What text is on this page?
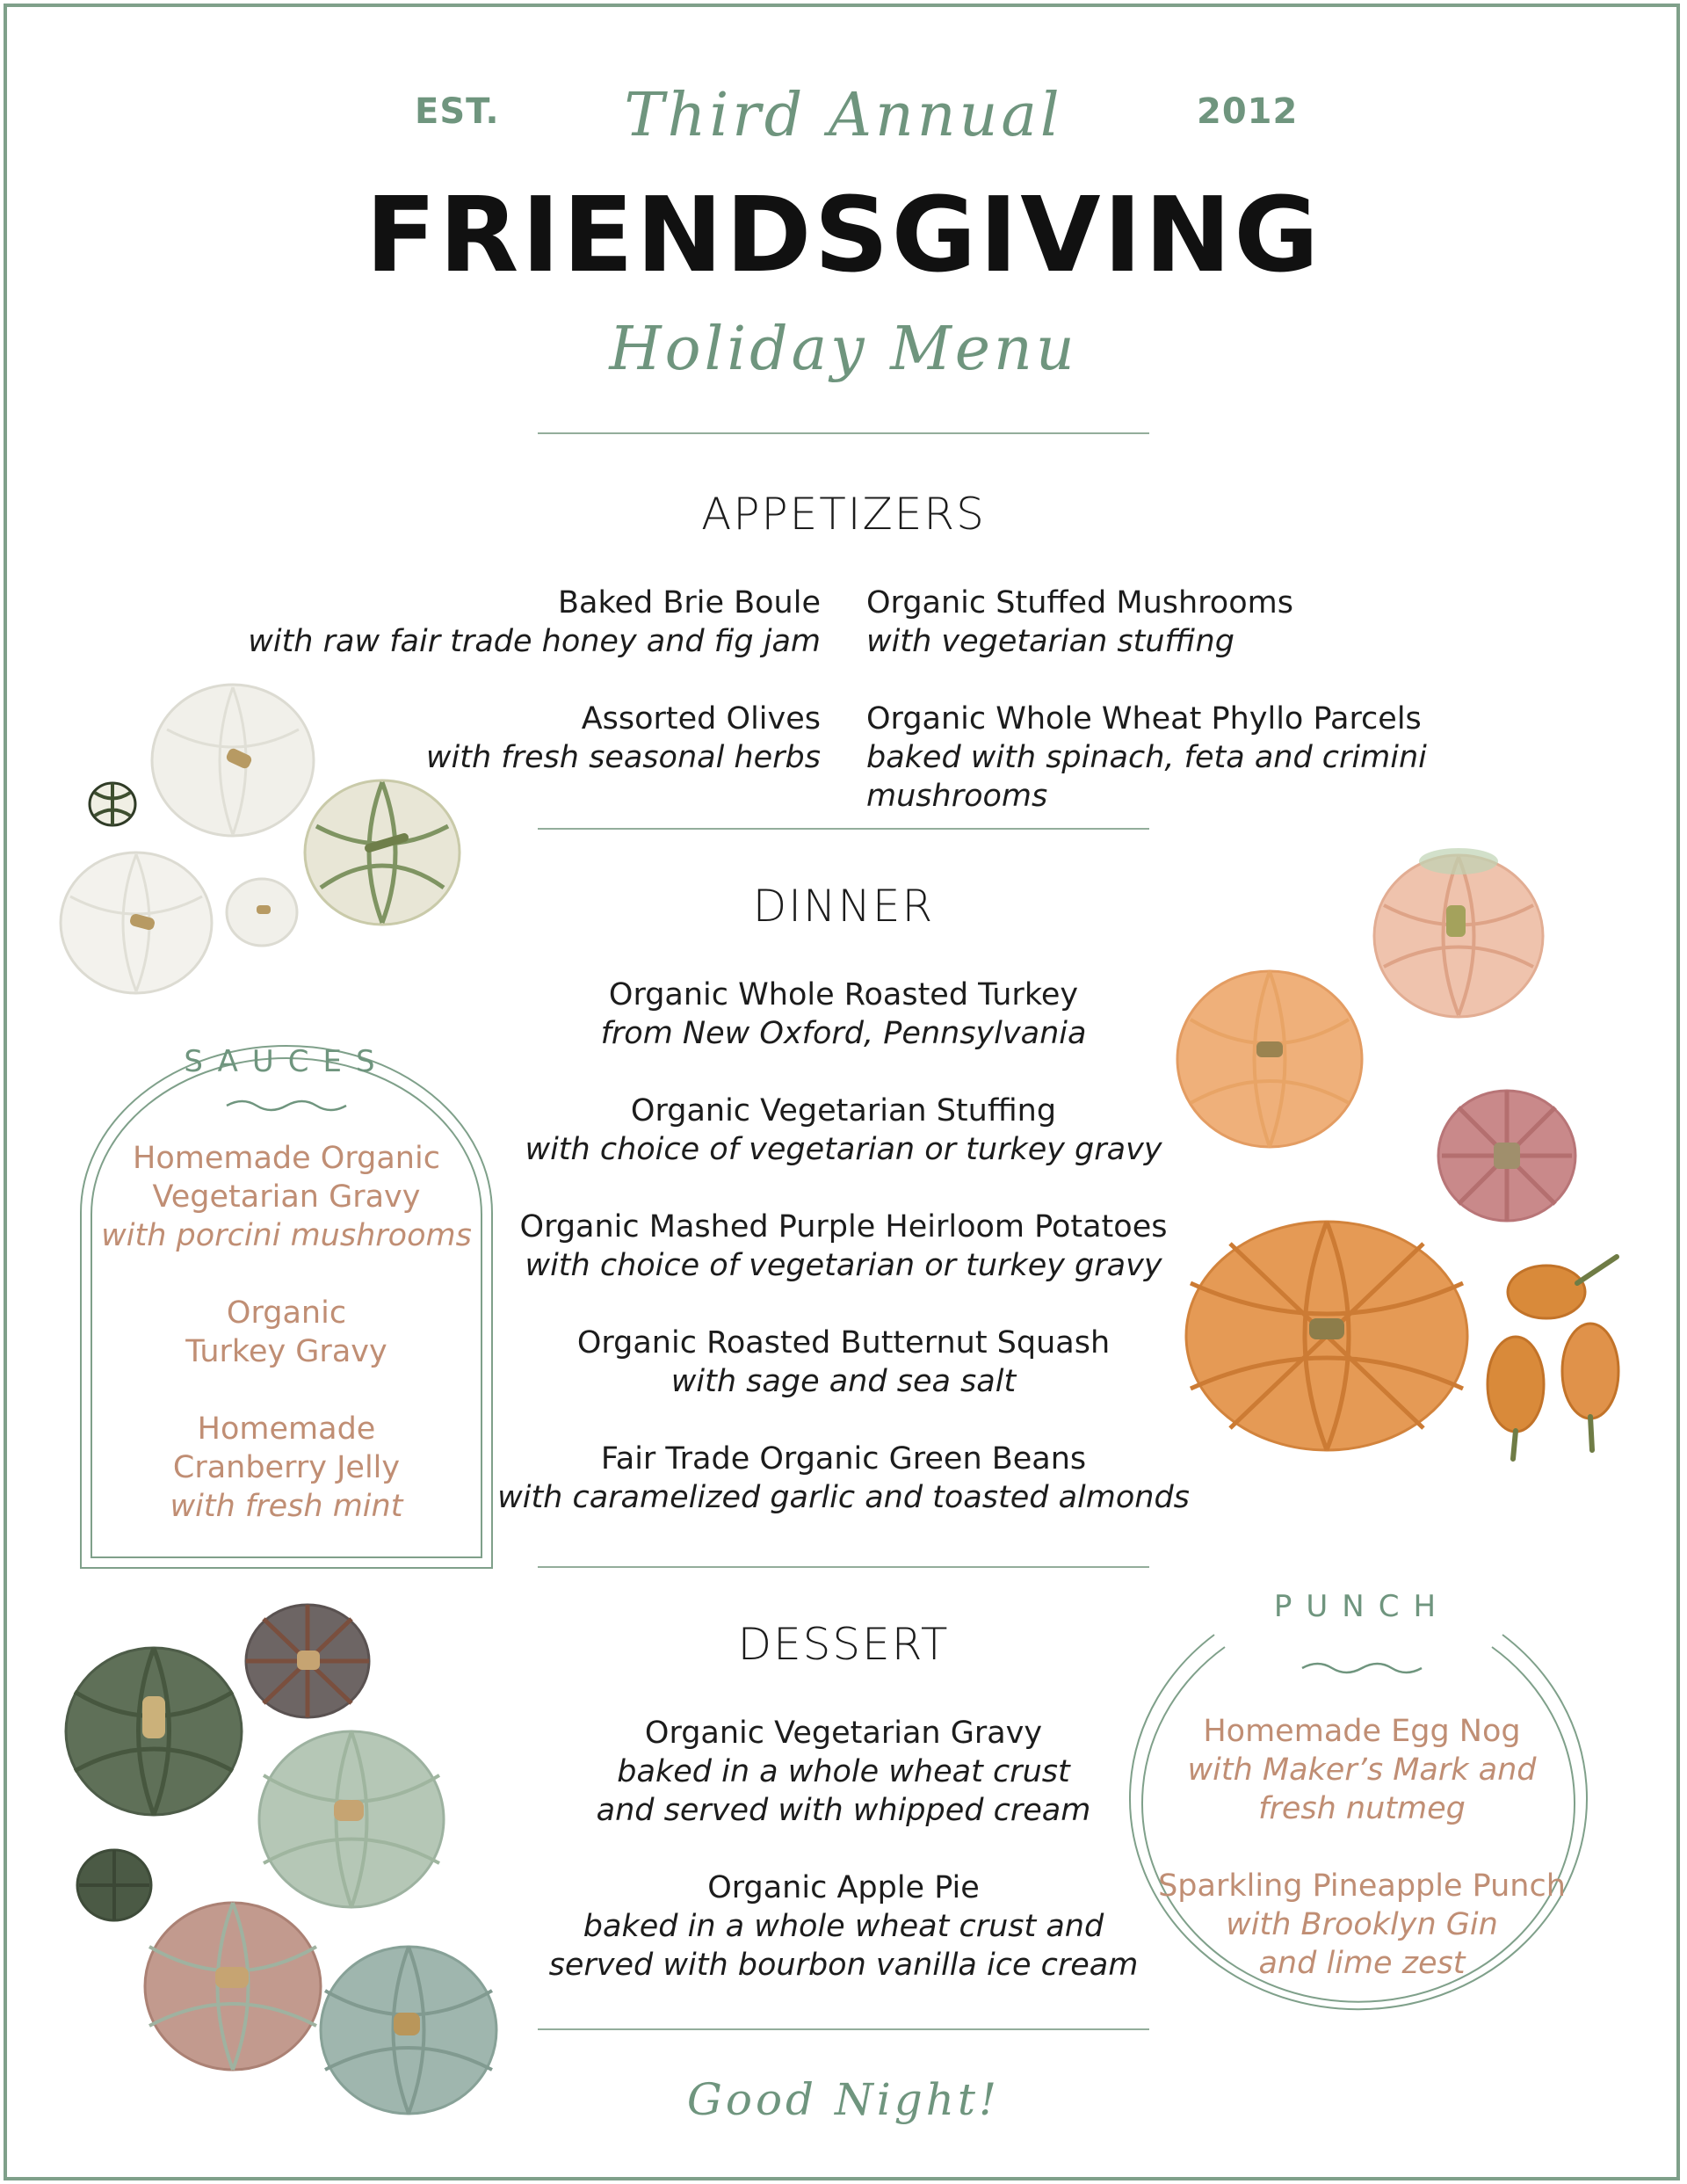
EST.	2012
Third Annual
FRIENDSGIVING
Holiday Menu
APPETIZERS
Baked Brie Boule
with raw fair trade honey and fig jam
Assorted Olives
with fresh seasonal herbs
Organic Stuffed Mushrooms
with vegetarian stuffing
Organic Whole Wheat Phyllo Parcels
baked with spinach, feta and crimini mushrooms
DINNER
Organic Whole Roasted Turkey
from New Oxford, Pennsylvania
Organic Vegetarian Stuffing
with choice of vegetarian or turkey gravy
Organic Mashed Purple Heirloom Potatoes
with choice of vegetarian or turkey gravy
Organic Roasted Butternut Squash
with sage and sea salt
Fair Trade Organic Green Beans
with caramelized garlic and toasted almonds
DESSERT
Organic Vegetarian Gravy
baked in a whole wheat crust
and served with whipped cream
Organic Apple Pie
baked in a whole wheat crust and
served with bourbon vanilla ice cream
Good Night!
SAUCES
Homemade Organic
Vegetarian Gravy
with porcini mushrooms
Organic
Turkey Gravy
Homemade
Cranberry Jelly
with fresh mint
PUNCH
Homemade Egg Nog
with Maker’s Mark and
fresh nutmeg
Sparkling Pineapple Punch
with Brooklyn Gin
and lime zest
